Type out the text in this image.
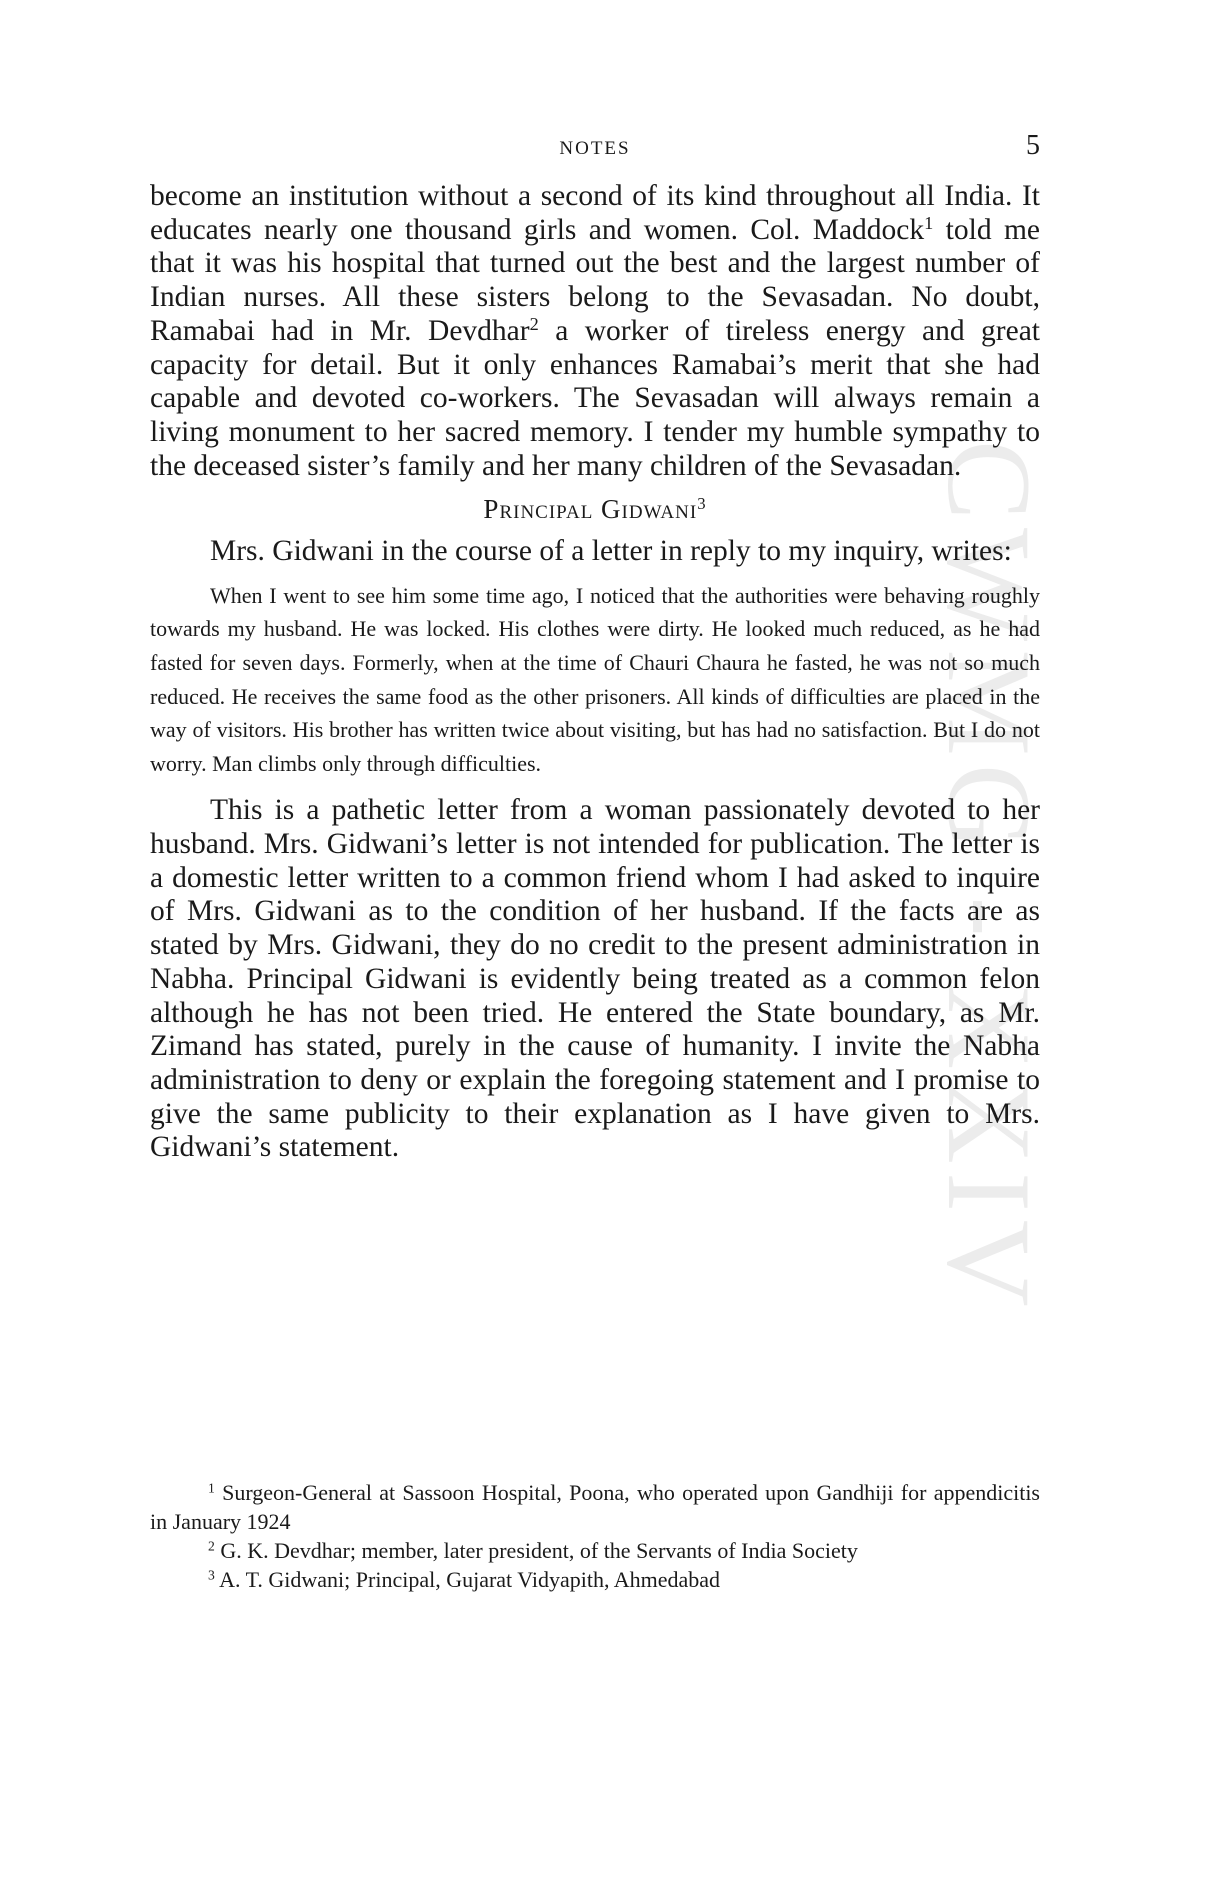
NOTES	5
CWMG - XXIV

become an institution without a second of its kind throughout all India. It educates nearly one thousand girls and women. Col. Maddock$^1$ told me that it was his hospital that turned out the best and the largest number of Indian nurses. All these sisters belong to the Sevasadan. No doubt, Ramabai had in Mr. Devdhar$^2$ a worker of tireless energy and great capacity for detail. But it only enhances Ramabai’s merit that she had capable and devoted co-workers. The Sevasadan will always remain a living monument to her sacred memory. I tender my humble sympathy to the deceased sister’s family and her many children of the Sevasadan.

Principal Gidwani$^3$

Mrs. Gidwani in the course of a letter in reply to my inquiry, writes:

When I went to see him some time ago, I noticed that the authorities were behaving roughly towards my husband. He was locked. His clothes were dirty. He looked much reduced, as he had fasted for seven days. Formerly, when at the time of Chauri Chaura he fasted, he was not so much reduced. He receives the same food as the other prisoners. All kinds of difficulties are placed in the way of visitors. His brother has written twice about visiting, but has had no satisfaction. But I do not worry. Man climbs only through difficulties.

This is a pathetic letter from a woman passionately devoted to her husband. Mrs. Gidwani’s letter is not intended for publication. The letter is a domestic letter written to a common friend whom I had asked to inquire of Mrs. Gidwani as to the condition of her husband. If the facts are as stated by Mrs. Gidwani, they do no credit to the present administration in Nabha. Principal Gidwani is evidently being treated as a common felon although he has not been tried. He entered the State boundary, as Mr. Zimand has stated, purely in the cause of humanity. I invite the Nabha administration to deny or explain the foregoing statement and I promise to give the same publicity to their explanation as I have given to Mrs. Gidwani’s statement.

$^1$ Surgeon-General at Sassoon Hospital, Poona, who operated upon Gandhiji for appendicitis in January 1924

$^2$ G. K. Devdhar; member, later president, of the Servants of India Society

$^3$ A. T. Gidwani; Principal, Gujarat Vidyapith, Ahmedabad
